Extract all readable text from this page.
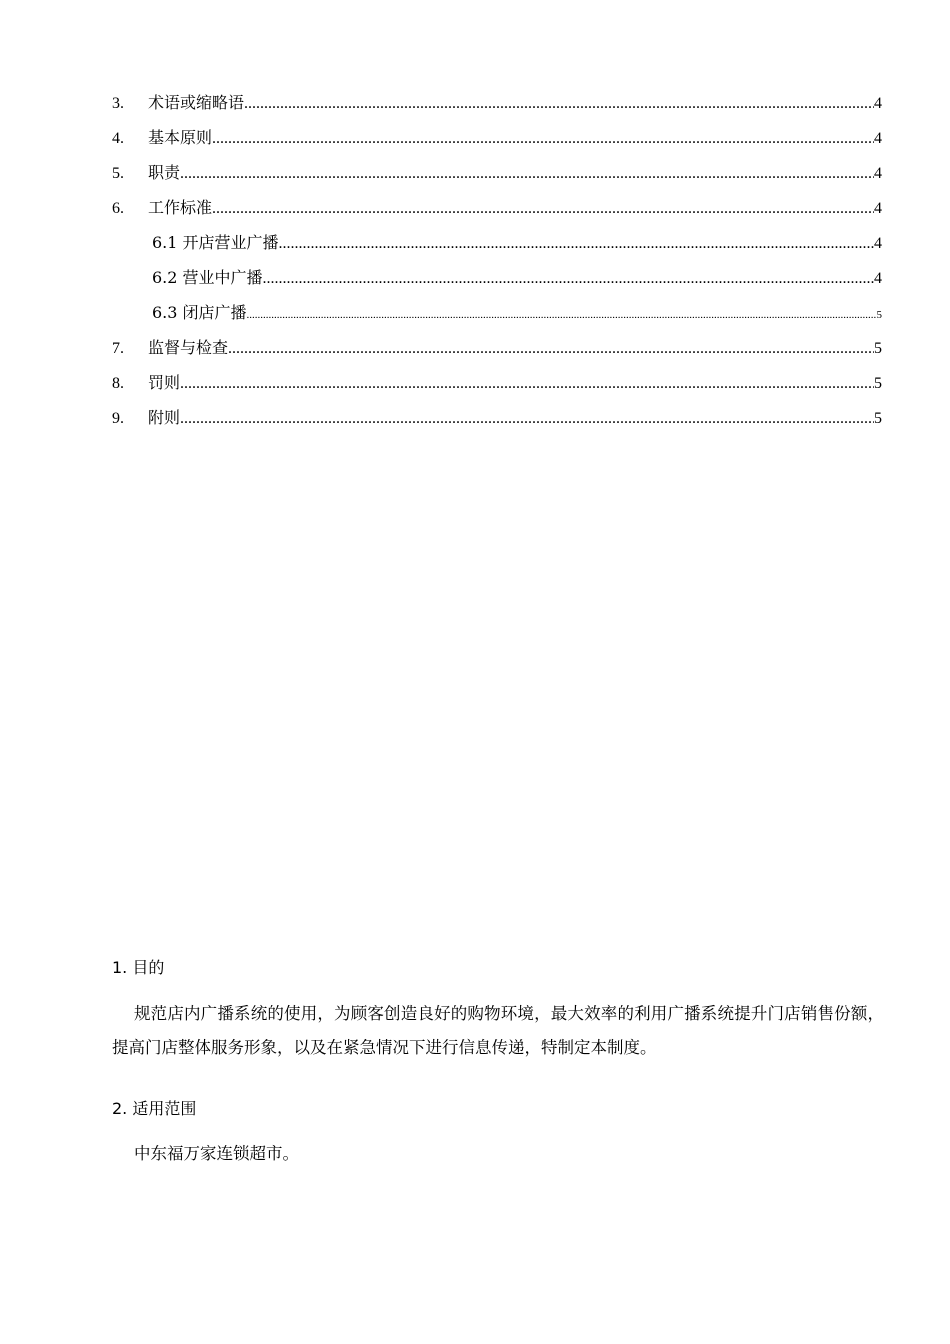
3.	术语或缩略语 .....	4
4.	基本原则 .....	4
5.	职责 .....	4
6.	工作标准 .....	4
6.1 开店营业广播 .....	4
6.2 营业中广播 .....	4
6.3 闭店广播 .....	5
7.	监督与检查 .....	5
8.	罚则 .....	5
9.	附则 .....	5
1. 目的
规范店内广播系统的使用，为顾客创造良好的购物环境，最大效率的利用广播系统提升门店销售份额，提高门店整体服务形象，以及在紧急情况下进行信息传递，特制定本制度。
2. 适用范围
中东福万家连锁超市。
